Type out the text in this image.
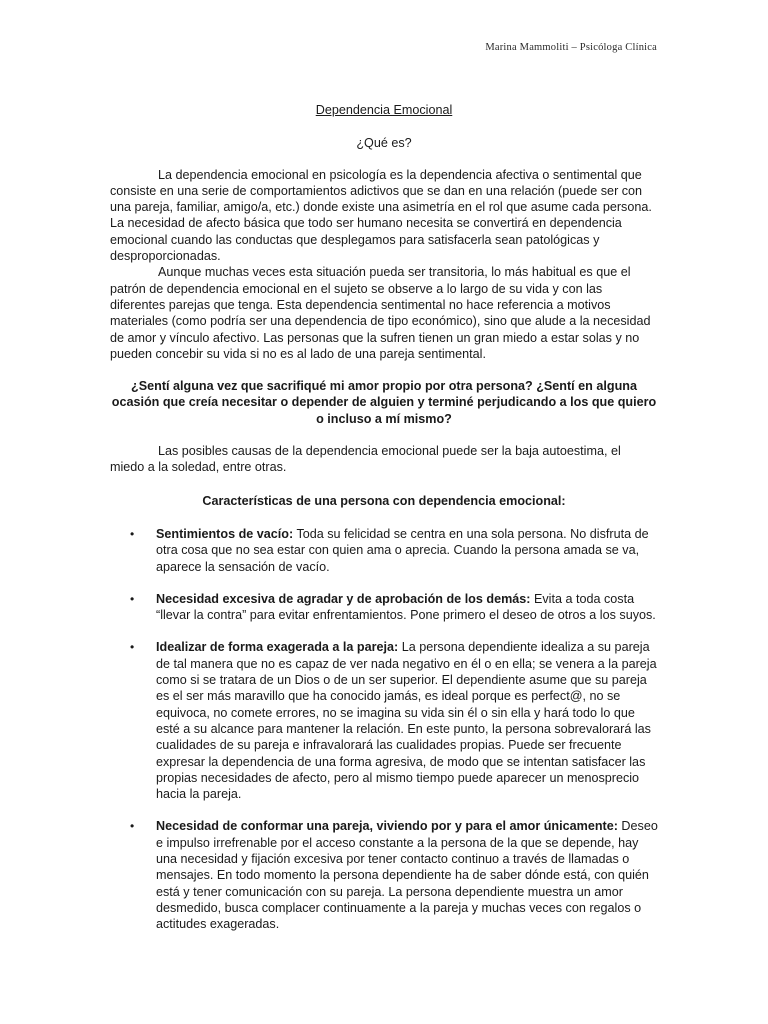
Marina Mammoliti – Psicóloga Clínica
Dependencia Emocional
¿Qué es?

La dependencia emocional en psicología es la dependencia afectiva o sentimental que consiste en una serie de comportamientos adictivos que se dan en una relación (puede ser con una pareja, familiar, amigo/a, etc.) donde existe una asimetría en el rol que asume cada persona. La necesidad de afecto básica que todo ser humano necesita se convertirá en dependencia emocional cuando las conductas que desplegamos para satisfacerla sean patológicas y desproporcionadas.

Aunque muchas veces esta situación pueda ser transitoria, lo más habitual es que el patrón de dependencia emocional en el sujeto se observe a lo largo de su vida y con las diferentes parejas que tenga. Esta dependencia sentimental no hace referencia a motivos materiales (como podría ser una dependencia de tipo económico), sino que alude a la necesidad de amor y vínculo afectivo. Las personas que la sufren tienen un gran miedo a estar solas y no pueden concebir su vida si no es al lado de una pareja sentimental.

¿Sentí alguna vez que sacrifiqué mi amor propio por otra persona? ¿Sentí en alguna ocasión que creía necesitar o depender de alguien y terminé perjudicando a los que quiero o incluso a mí mismo?

Las posibles causas de la dependencia emocional puede ser la baja autoestima, el miedo a la soledad, entre otras.

Características de una persona con dependencia emocional:

• Sentimientos de vacío: Toda su felicidad se centra en una sola persona. No disfruta de otra cosa que no sea estar con quien ama o aprecia. Cuando la persona amada se va, aparece la sensación de vacío.
• Necesidad excesiva de agradar y de aprobación de los demás: Evita a toda costa “llevar la contra” para evitar enfrentamientos. Pone primero el deseo de otros a los suyos.
• Idealizar de forma exagerada a la pareja: La persona dependiente idealiza a su pareja de tal manera que no es capaz de ver nada negativo en él o en ella; se venera a la pareja como si se tratara de un Dios o de un ser superior. El dependiente asume que su pareja es el ser más maravillo que ha conocido jamás, es ideal porque es perfect@, no se equivoca, no comete errores, no se imagina su vida sin él o sin ella y hará todo lo que esté a su alcance para mantener la relación. En este punto, la persona sobrevalorará las cualidades de su pareja e infravalorará las cualidades propias. Puede ser frecuente expresar la dependencia de una forma agresiva, de modo que se intentan satisfacer las propias necesidades de afecto, pero al mismo tiempo puede aparecer un menosprecio hacia la pareja.
• Necesidad de conformar una pareja, viviendo por y para el amor únicamente: Deseo e impulso irrefrenable por el acceso constante a la persona de la que se depende, hay una necesidad y fijación excesiva por tener contacto continuo a través de llamadas o mensajes. En todo momento la persona dependiente ha de saber dónde está, con quién está y tener comunicación con su pareja. La persona dependiente muestra un amor desmedido, busca complacer continuamente a la pareja y muchas veces con regalos o actitudes exageradas.
